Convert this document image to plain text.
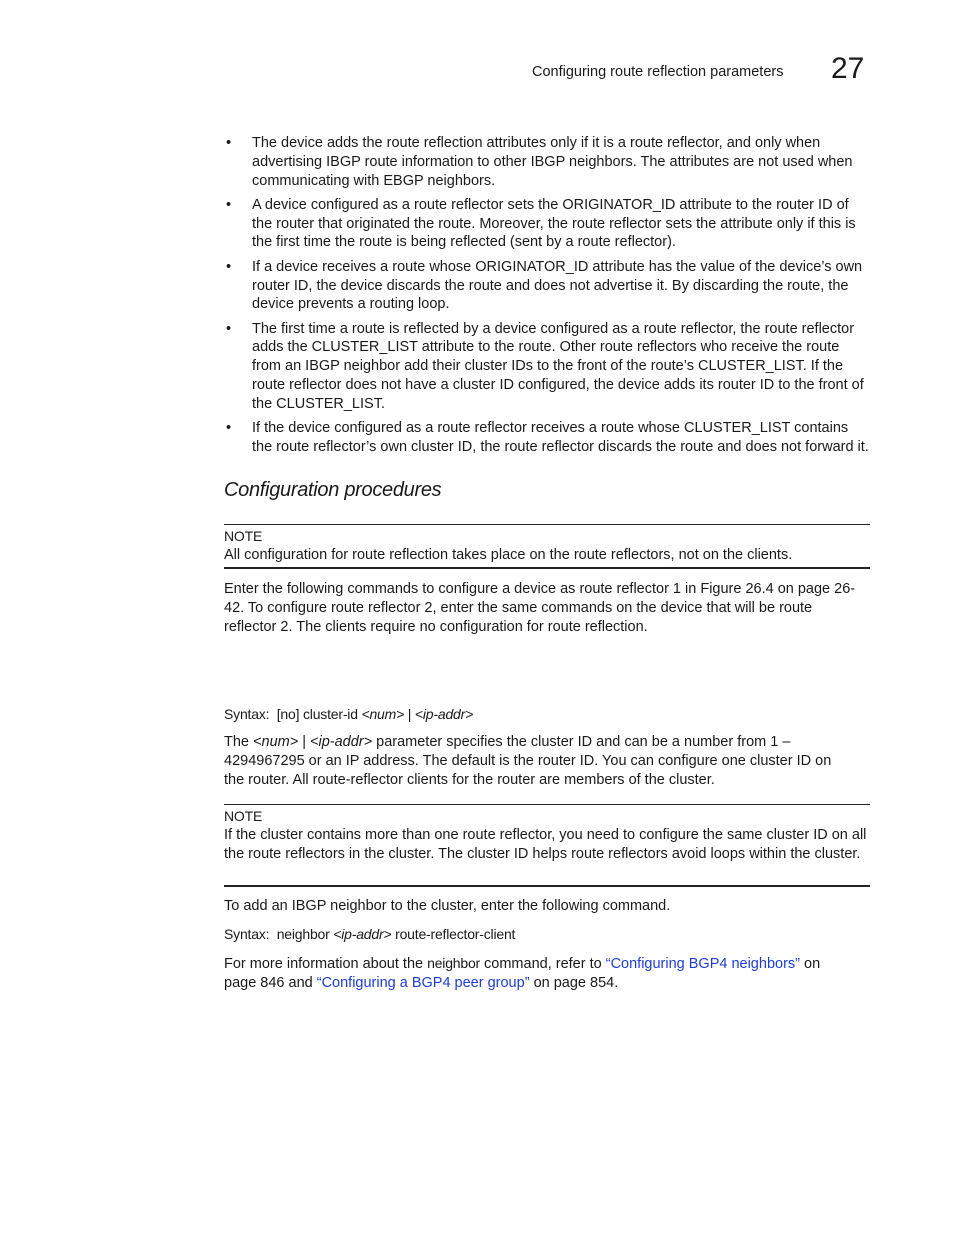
Configuring route reflection parameters 27
• The device adds the route reflection attributes only if it is a route reflector, and only when advertising IBGP route information to other IBGP neighbors. The attributes are not used when communicating with EBGP neighbors.
• A device configured as a route reflector sets the ORIGINATOR_ID attribute to the router ID of the router that originated the route. Moreover, the route reflector sets the attribute only if this is the first time the route is being reflected (sent by a route reflector).
• If a device receives a route whose ORIGINATOR_ID attribute has the value of the device’s own router ID, the device discards the route and does not advertise it. By discarding the route, the device prevents a routing loop.
• The first time a route is reflected by a device configured as a route reflector, the route reflector adds the CLUSTER_LIST attribute to the route. Other route reflectors who receive the route from an IBGP neighbor add their cluster IDs to the front of the route’s CLUSTER_LIST. If the route reflector does not have a cluster ID configured, the device adds its router ID to the front of the CLUSTER_LIST.
• If the device configured as a route reflector receives a route whose CLUSTER_LIST contains the route reflector’s own cluster ID, the route reflector discards the route and does not forward it.
Configuration procedures
NOTE
All configuration for route reflection takes place on the route reflectors, not on the clients.
Enter the following commands to configure a device as route reflector 1 in Figure 26.4 on page 26-42. To configure route reflector 2, enter the same commands on the device that will be route reflector 2. The clients require no configuration for route reflection.
Syntax: [no] cluster-id <num> | <ip-addr>
The <num> | <ip-addr> parameter specifies the cluster ID and can be a number from 1 –
4294967295 or an IP address. The default is the router ID. You can configure one cluster ID on
the router. All route-reflector clients for the router are members of the cluster.
NOTE
If the cluster contains more than one route reflector, you need to configure the same cluster ID on all the route reflectors in the cluster. The cluster ID helps route reflectors avoid loops within the cluster.
To add an IBGP neighbor to the cluster, enter the following command.
Syntax: neighbor <ip-addr> route-reflector-client
For more information about the neighbor command, refer to “Configuring BGP4 neighbors” on
page 846 and “Configuring a BGP4 peer group” on page 854.
